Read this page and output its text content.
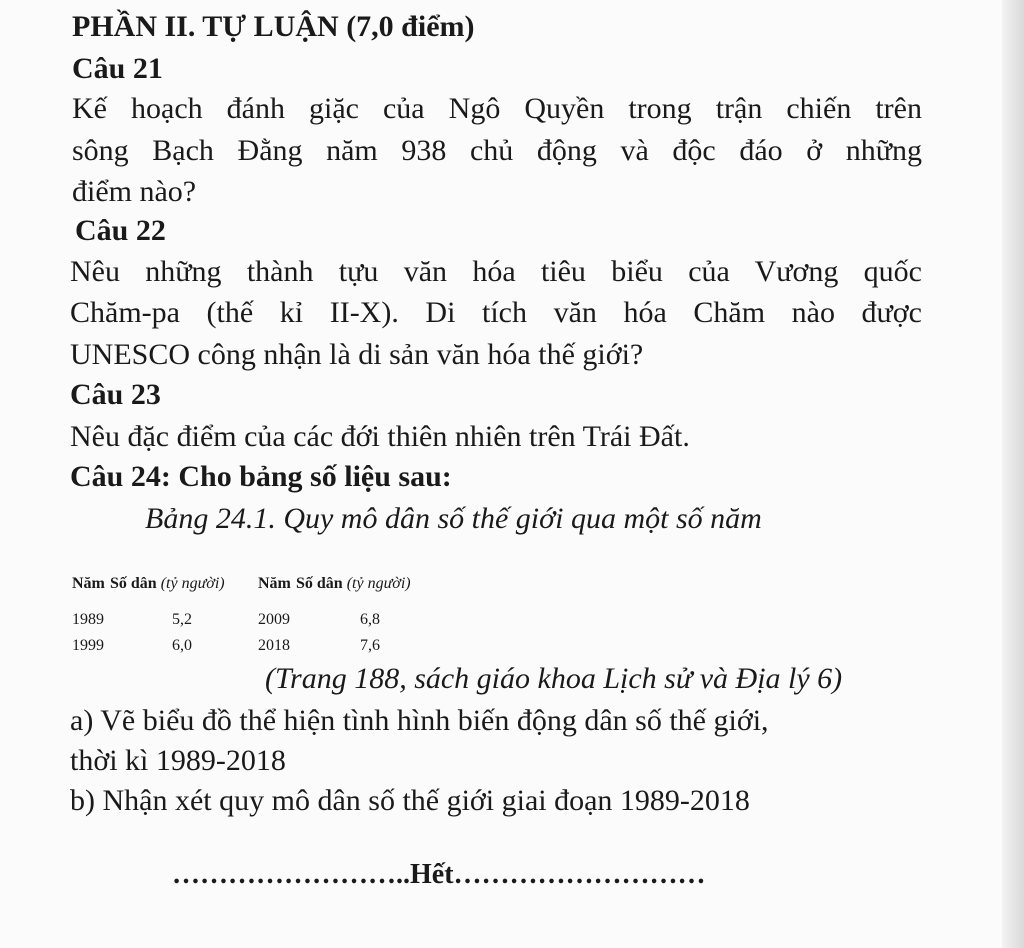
PHẦN II. TỰ LUẬN (7,0 điểm)
Câu 21
Kế hoạch đánh giặc của Ngô Quyền trong trận chiến trên
sông Bạch Đằng năm 938 chủ động và độc đáo ở những
điểm nào?
Câu 22
Nêu những thành tựu văn hóa tiêu biểu của Vương quốc
Chăm-pa (thế kỉ II-X). Di tích văn hóa Chăm nào được
UNESCO công nhận là di sản văn hóa thế giới?
Câu 23
Nêu đặc điểm của các đới thiên nhiên trên Trái Đất.
Câu 24: Cho bảng số liệu sau:
Bảng 24.1. Quy mô dân số thế giới qua một số năm
Năm Số dân (tỷ người) Năm Số dân (tỷ người)
1989	5,2	2009	6,8
1999	6,0	2018	7,6
(Trang 188, sách giáo khoa Lịch sử và Địa lý 6)
a) Vẽ biểu đồ thể hiện tình hình biến động dân số thế giới,
thời kì 1989-2018
b) Nhận xét quy mô dân số thế giới giai đoạn 1989-2018
……………………..Hết………………………
